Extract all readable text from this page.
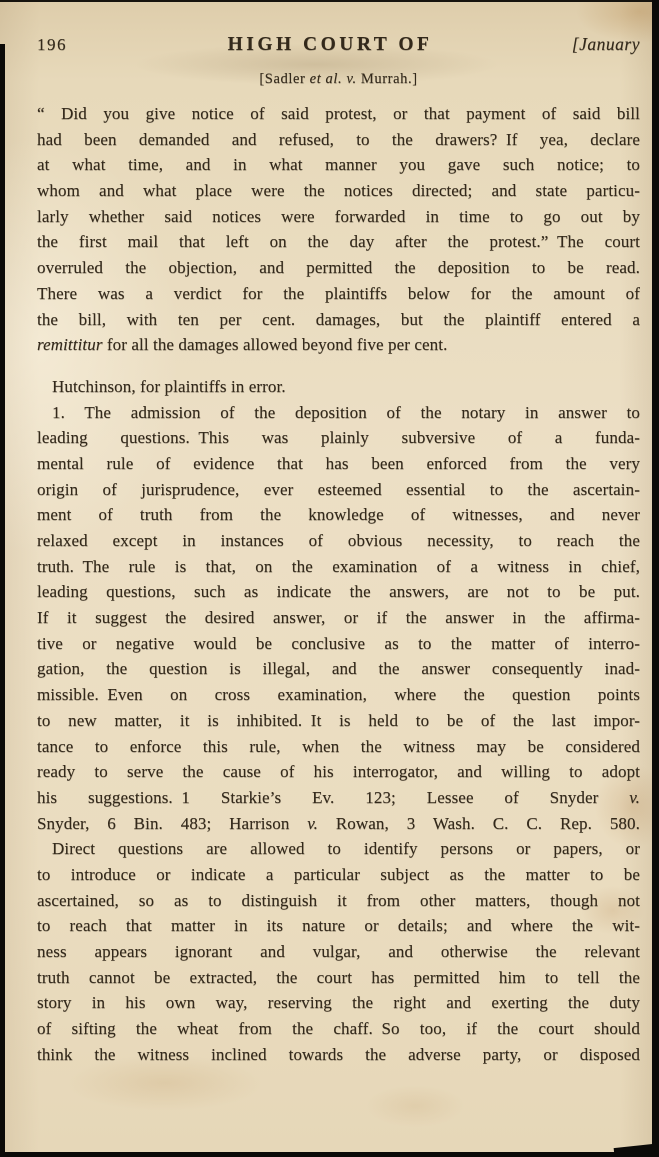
196	HIGH COURT OF	[January
[Sadler et al. v. Murrah.]
“ Did you give notice of said protest, or that payment of said bill
had been demanded and refused, to the drawers? If yea, declare
at what time, and in what manner you gave such notice; to
whom and what place were the notices directed; and state particu-
larly whether said notices were forwarded in time to go out by
the first mail that left on the day after the protest.” The court
overruled the objection, and permitted the deposition to be read.
There was a verdict for the plaintiffs below for the amount of
the bill, with ten per cent. damages, but the plaintiff entered a
remittitur for all the damages allowed beyond five per cent.
Hutchinson, for plaintiffs in error.
1. The admission of the deposition of the notary in answer to
leading questions. This was plainly subversive of a funda-
mental rule of evidence that has been enforced from the very
origin of jurisprudence, ever esteemed essential to the ascertain-
ment of truth from the knowledge of witnesses, and never
relaxed except in instances of obvious necessity, to reach the
truth. The rule is that, on the examination of a witness in chief,
leading questions, such as indicate the answers, are not to be put.
If it suggest the desired answer, or if the answer in the affirma-
tive or negative would be conclusive as to the matter of interro-
gation, the question is illegal, and the answer consequently inad-
missible. Even on cross examination, where the question points
to new matter, it is inhibited. It is held to be of the last impor-
tance to enforce this rule, when the witness may be considered
ready to serve the cause of his interrogator, and willing to adopt
his suggestions. 1 Starkie’s Ev. 123; Lessee of Snyder v.
Snyder, 6 Bin. 483; Harrison v. Rowan, 3 Wash. C. C. Rep. 580.
Direct questions are allowed to identify persons or papers, or
to introduce or indicate a particular subject as the matter to be
ascertained, so as to distinguish it from other matters, though not
to reach that matter in its nature or details; and where the wit-
ness appears ignorant and vulgar, and otherwise the relevant
truth cannot be extracted, the court has permitted him to tell the
story in his own way, reserving the right and exerting the duty
of sifting the wheat from the chaff. So too, if the court should
think the witness inclined towards the adverse party, or disposed
